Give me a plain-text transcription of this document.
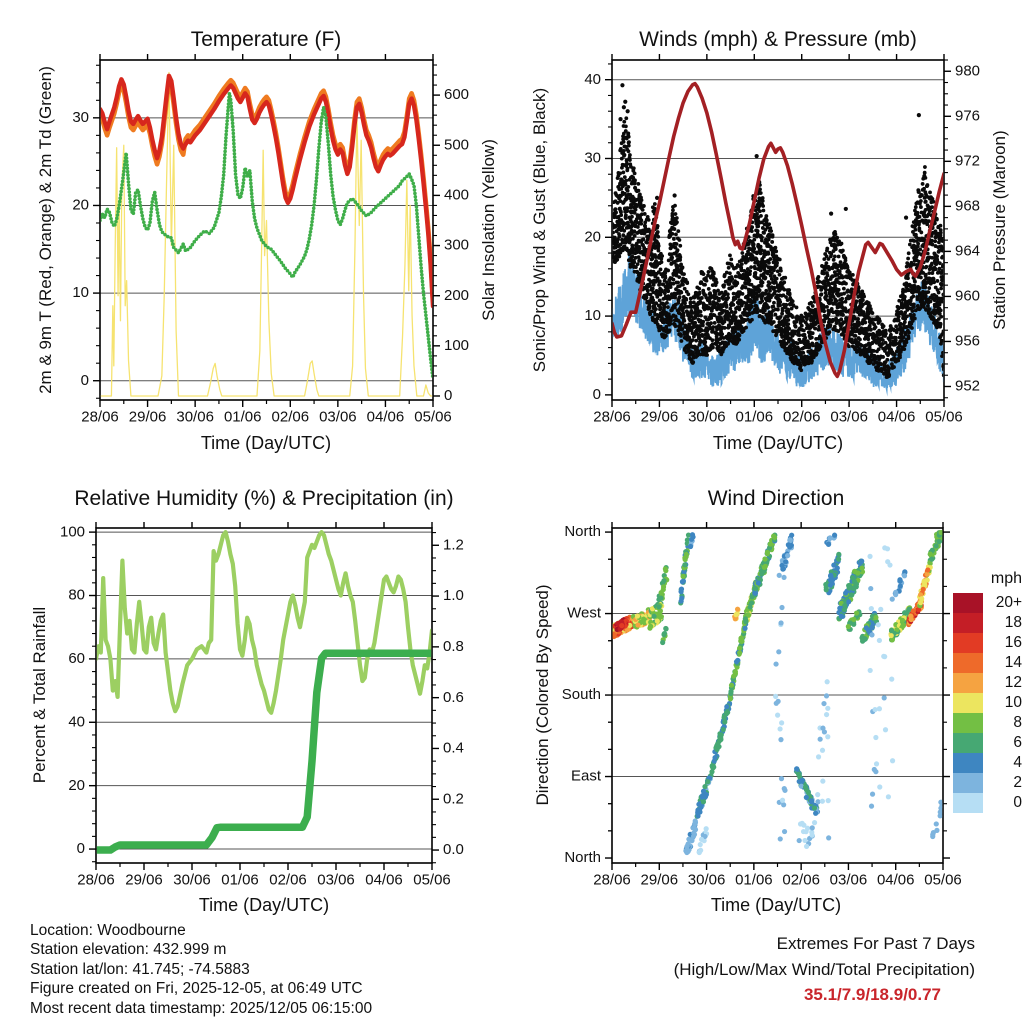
Temperature (F)	Winds (mph) & Pressure (mb)
Relative Humidity (%) & Precipitation (in)	Wind Direction
2m & 9m T (Red, Orange) & 2m Td (Green)	Solar Insolation (Yellow) Sonic/Prop Wind & Gust (Blue, Black)	Station Pressure (Maroon)
Percent & Total Rainfall	Direction (Colored By Speed)
Time (Day/UTC)	Time (Day/UTC)
Time (Day/UTC)	Time (Day/UTC)
mph
20+
18
16
14
12
10
8
6
4
2
0
Location: Woodbourne
Station elevation: 432.999 m
Station lat/lon: 41.745; -74.5883
Figure created on Fri, 2025-12-05, at 06:49 UTC
Most recent data timestamp: 2025/12/05 06:15:00
Extremes For Past 7 Days
(High/Low/Max Wind/Total Precipitation)
35.1/7.9/18.9/0.77
